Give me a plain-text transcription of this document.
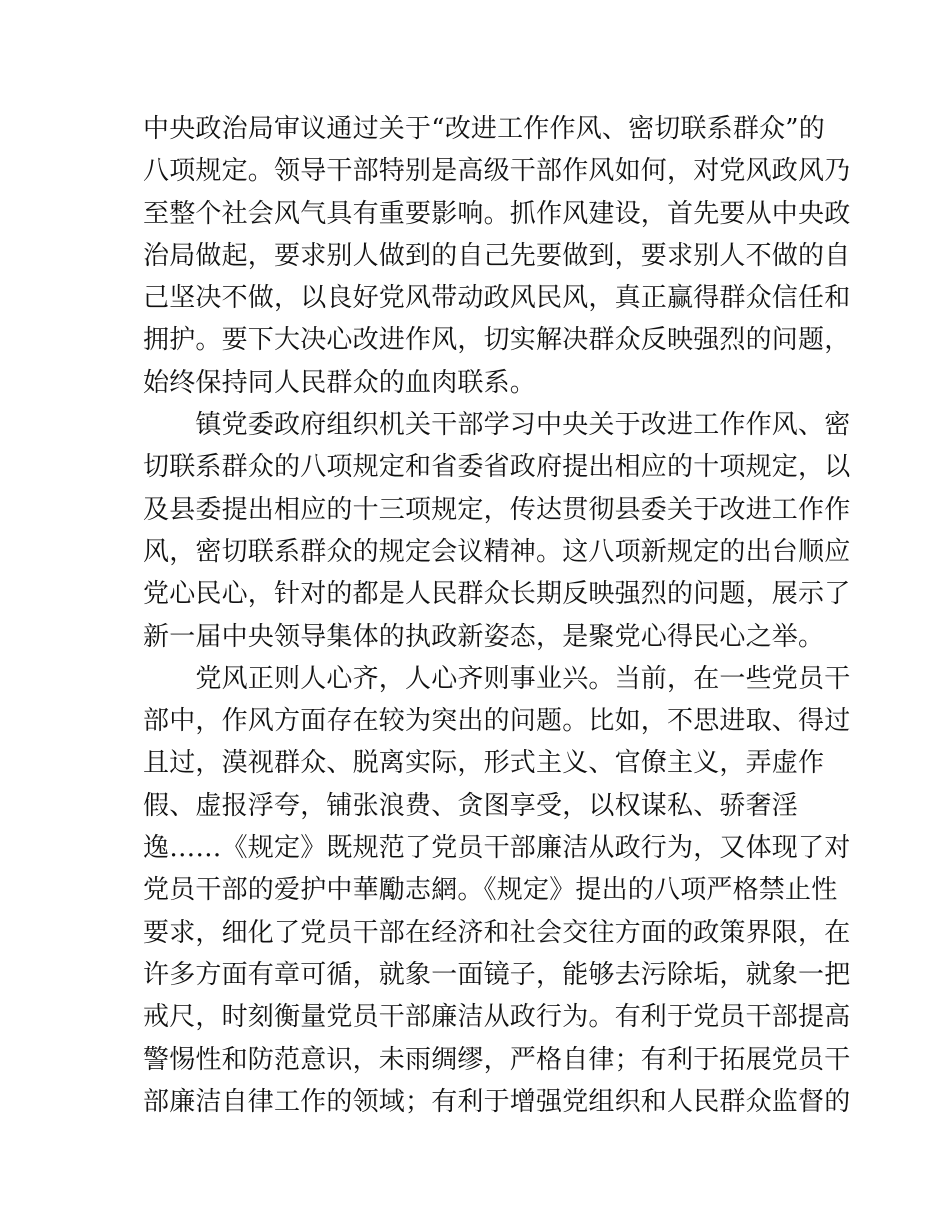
中央政治局审议通过关于“改进工作作风、密切联系群众”的
八项规定。领导干部特别是高级干部作风如何，对党风政风乃
至整个社会风气具有重要影响。抓作风建设，首先要从中央政
治局做起，要求别人做到的自己先要做到，要求别人不做的自
己坚决不做，以良好党风带动政风民风，真正赢得群众信任和
拥护。要下大决心改进作风，切实解决群众反映强烈的问题，
始终保持同人民群众的血肉联系。
　　镇党委政府组织机关干部学习中央关于改进工作作风、密
切联系群众的八项规定和省委省政府提出相应的十项规定，以
及县委提出相应的十三项规定，传达贯彻县委关于改进工作作
风，密切联系群众的规定会议精神。这八项新规定的出台顺应
党心民心，针对的都是人民群众长期反映强烈的问题，展示了
新一届中央领导集体的执政新姿态，是聚党心得民心之举。
　　党风正则人心齐，人心齐则事业兴。当前，在一些党员干
部中，作风方面存在较为突出的问题。比如，不思进取、得过
且过，漠视群众、脱离实际，形式主义、官僚主义，弄虚作
假、虚报浮夸，铺张浪费、贪图享受，以权谋私、骄奢淫
逸……《规定》既规范了党员干部廉洁从政行为，又体现了对
党员干部的爱护中華勵志網。《规定》提出的八项严格禁止性
要求，细化了党员干部在经济和社会交往方面的政策界限，在
许多方面有章可循，就象一面镜子，能够去污除垢，就象一把
戒尺，时刻衡量党员干部廉洁从政行为。有利于党员干部提高
警惕性和防范意识，未雨绸缪，严格自律；有利于拓展党员干
部廉洁自律工作的领域；有利于增强党组织和人民群众监督的
